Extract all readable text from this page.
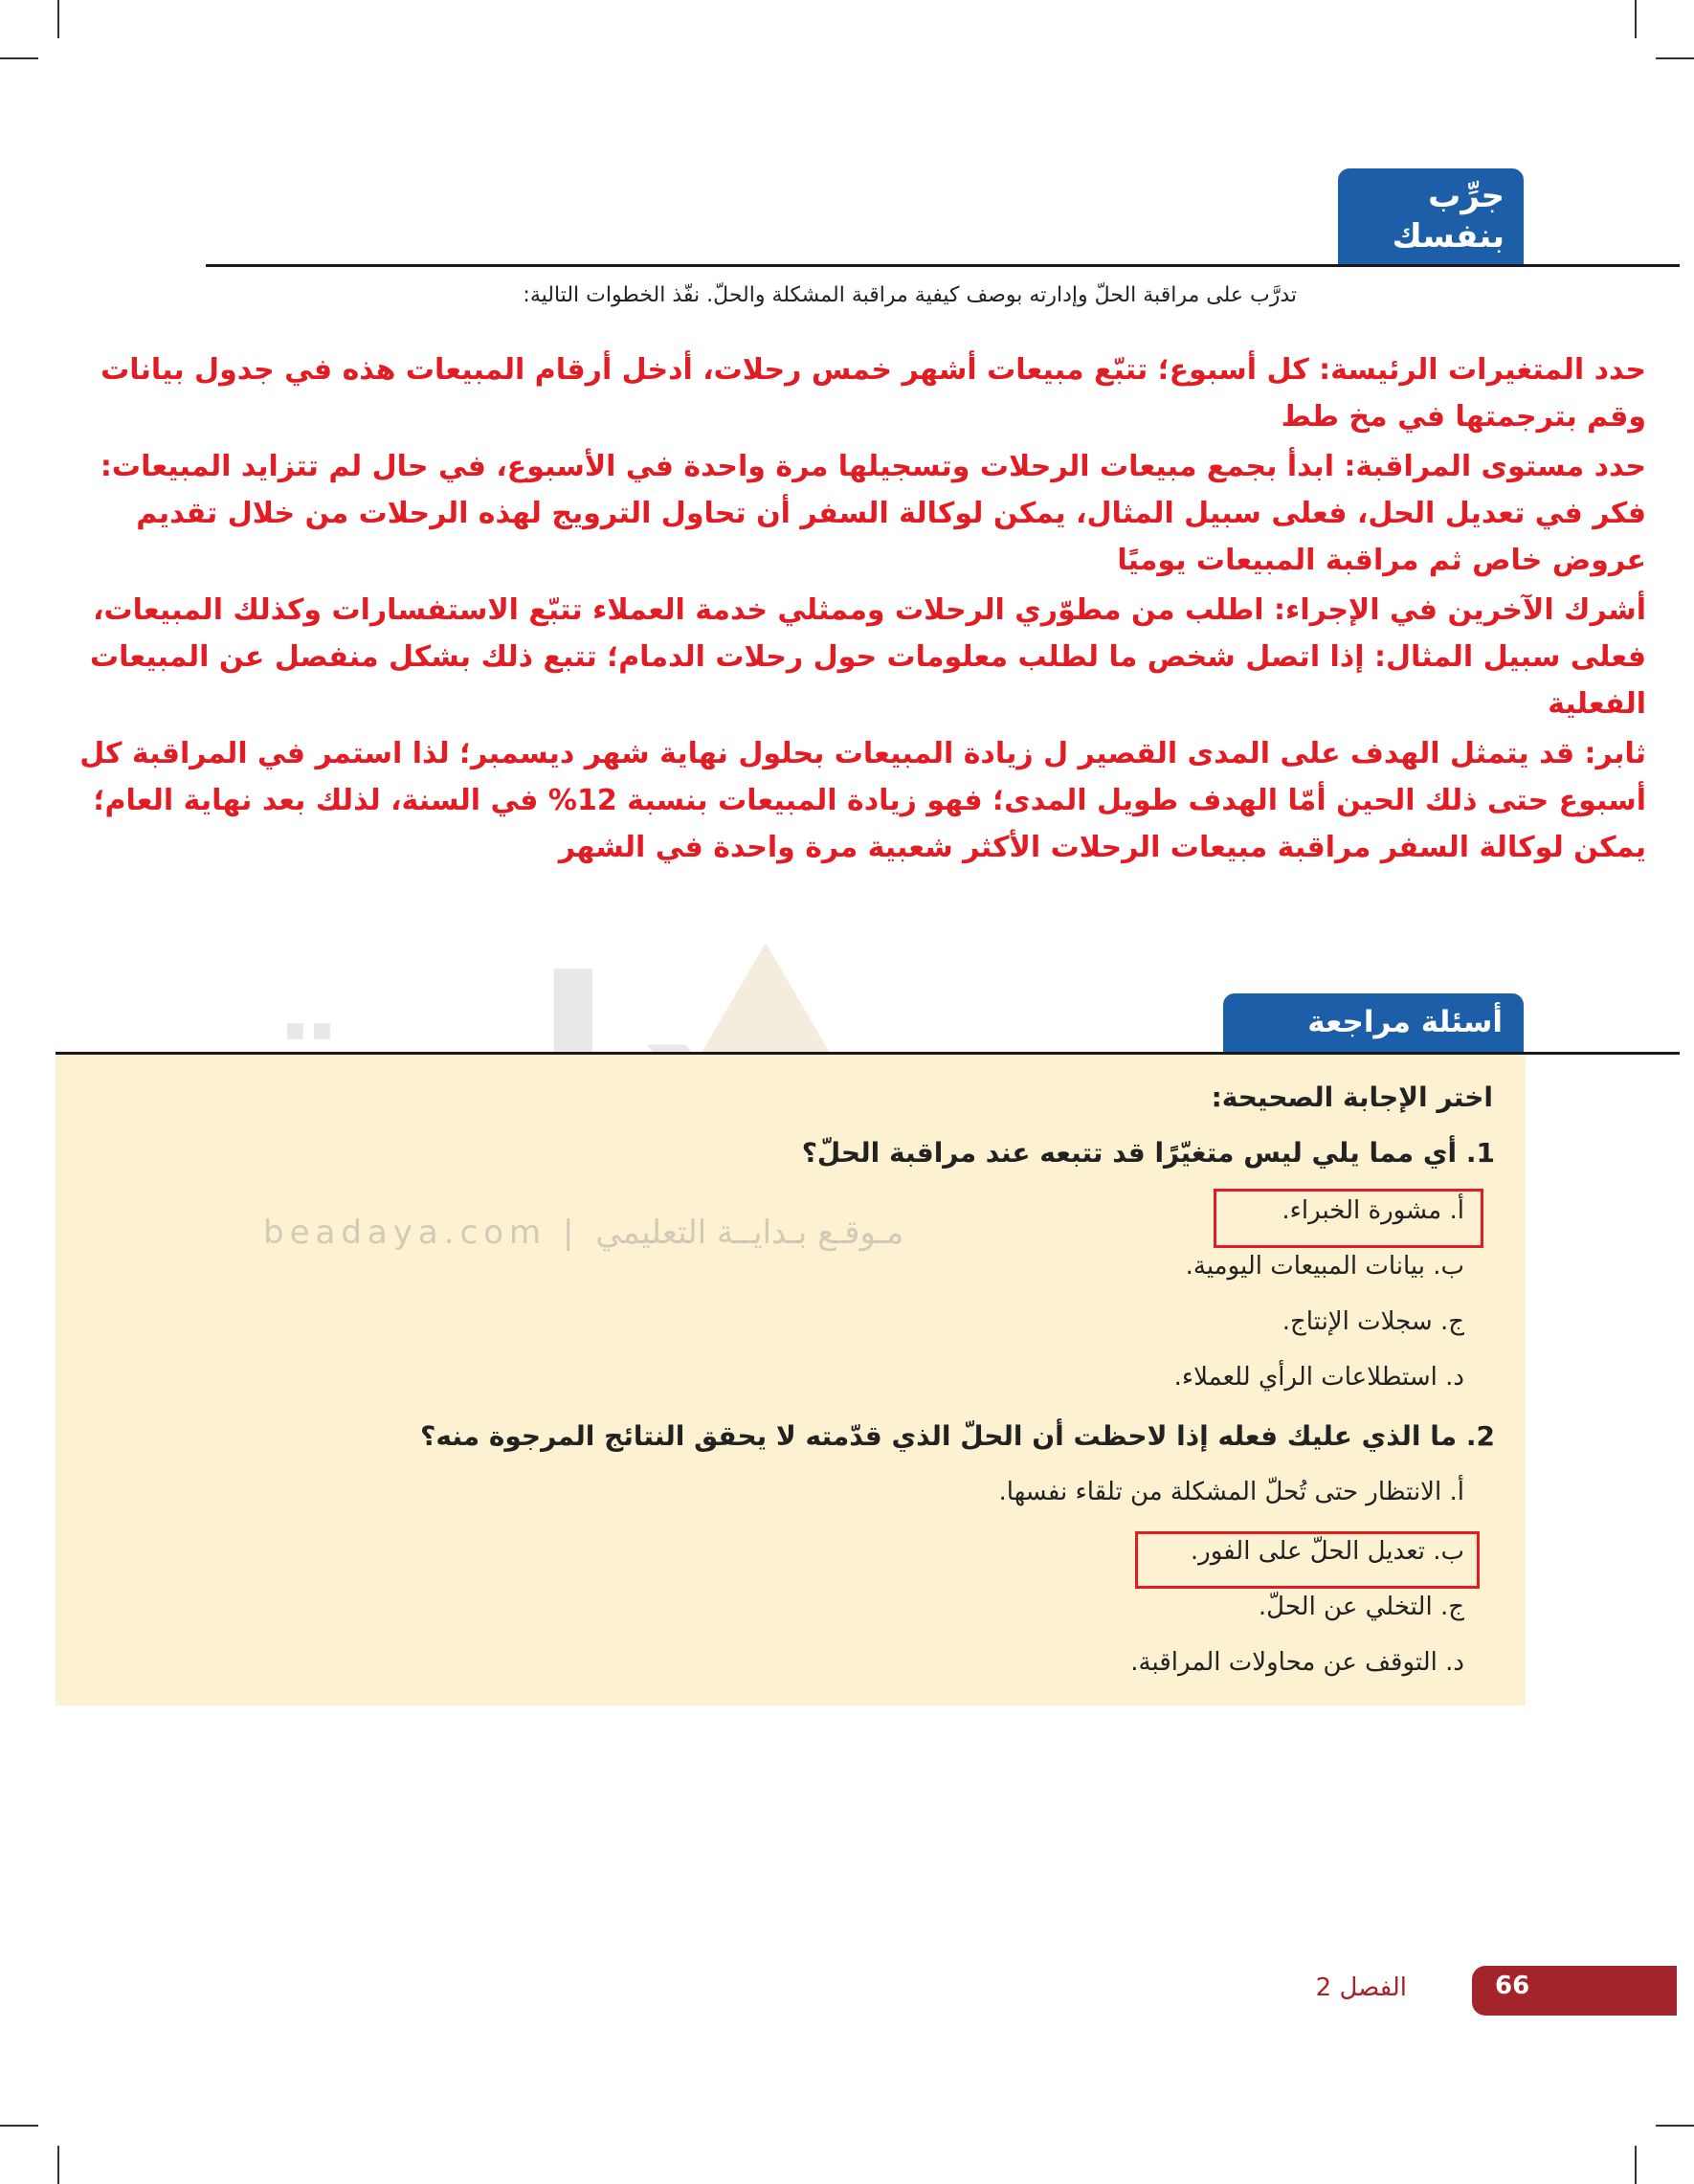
جرِّب
بنفسك
تدرَّب على مراقبة الحلّ وإدارته بوصف كيفية مراقبة المشكلة والحلّ. نفّذ الخطوات التالية:

حدد المتغيرات الرئيسة: كل أسبوع؛ تتبّع مبيعات أشهر خمس رحلات، أدخل أرقام المبيعات هذه في جدول بيانات وقم بترجمتها في مخ طط

حدد مستوى المراقبة: ابدأ بجمع مبيعات الرحلات وتسجيلها مرة واحدة في الأسبوع، في حال لم تتزايد المبيعات: فكر في تعديل الحل، فعلى سبيل المثال، يمكن لوكالة السفر أن تحاول الترويج لهذه الرحلات من خلال تقديم عروض خاص ثم مراقبة المبيعات يوميًا

أشرك الآخرين في الإجراء: اطلب من مطوّري الرحلات وممثلي خدمة العملاء تتبّع الاستفسارات وكذلك المبيعات، فعلى سبيل المثال: إذا اتصل شخص ما لطلب معلومات حول رحلات الدمام؛ تتبع ذلك بشكل منفصل عن المبيعات الفعلية

ثابر: قد يتمثل الهدف على المدى القصير ل زيادة المبيعات بحلول نهاية شهر ديسمبر؛ لذا استمر في المراقبة كل أسبوع حتى ذلك الحين أمّا الهدف طويل المدى؛ فهو زيادة المبيعات بنسبة 12% في السنة، لذلك بعد نهاية العام؛ يمكن لوكالة السفر مراقبة مبيعات الرحلات الأكثر شعبية مرة واحدة في الشهر

أسئلة مراجعة
beadaya.com | مـوقـع بـدايــة التعليمي
اختر الإجابة الصحيحة:
1. أي مما يلي ليس متغيّرًا قد تتبعه عند مراقبة الحلّ؟
أ. مشورة الخبراء.
ب. بيانات المبيعات اليومية.
ج. سجلات الإنتاج.
د. استطلاعات الرأي للعملاء.
2. ما الذي عليك فعله إذا لاحظت أن الحلّ الذي قدّمته لا يحقق النتائج المرجوة منه؟
أ. الانتظار حتى تُحلّ المشكلة من تلقاء نفسها.
ب. تعديل الحلّ على الفور.
ج. التخلي عن الحلّ.
د. التوقف عن محاولات المراقبة.
66
الفصل 2
